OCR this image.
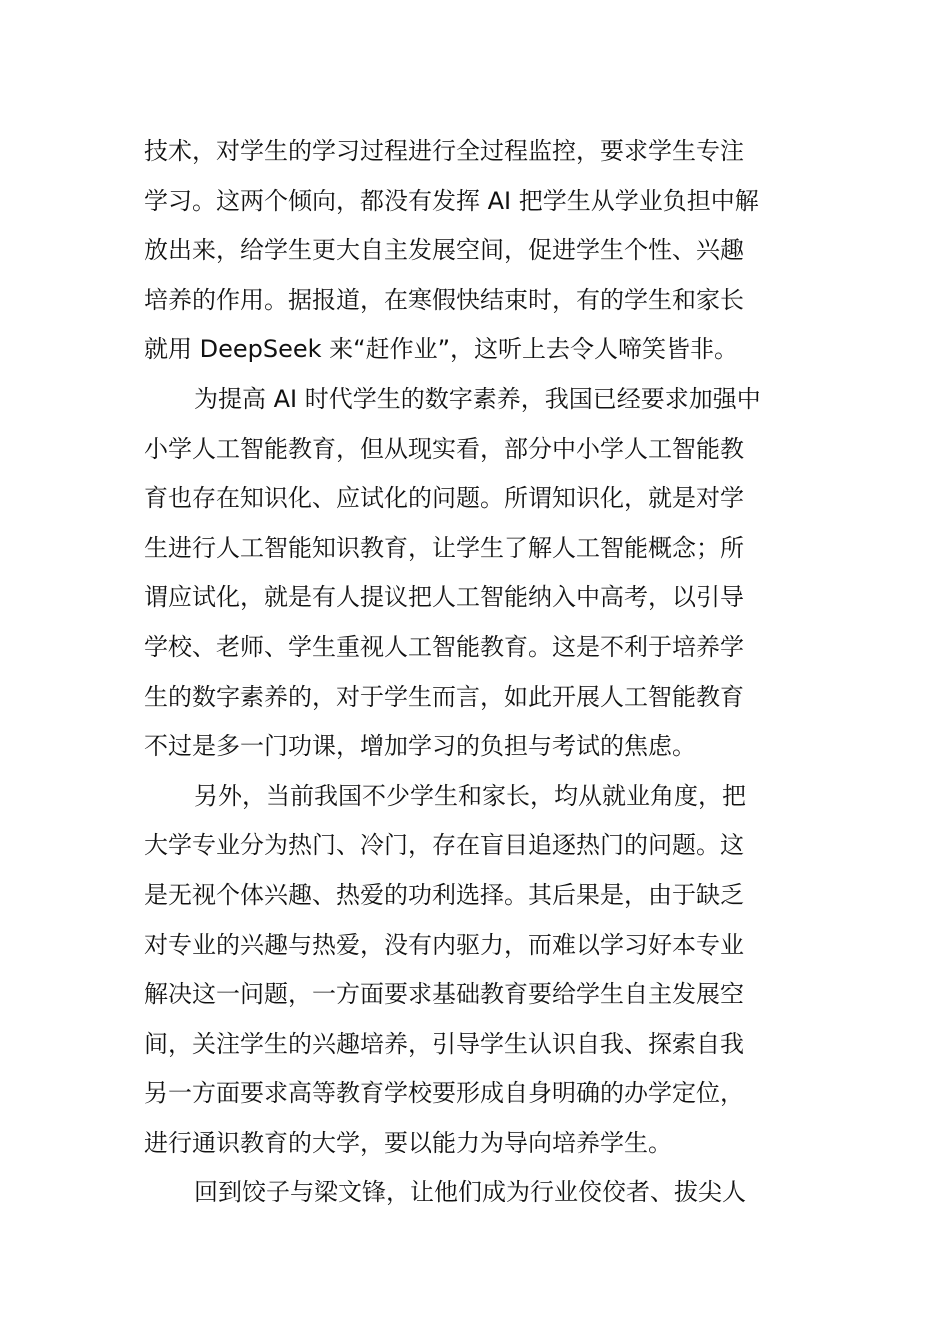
技术，对学生的学习过程进行全过程监控，要求学生专注
学习。这两个倾向，都没有发挥 AI 把学生从学业负担中解
放出来，给学生更大自主发展空间，促进学生个性、兴趣
培养的作用。据报道，在寒假快结束时，有的学生和家长
就用 DeepSeek 来“赶作业”，这听上去令人啼笑皆非。
为提高 AI 时代学生的数字素养，我国已经要求加强中
小学人工智能教育，但从现实看，部分中小学人工智能教
育也存在知识化、应试化的问题。所谓知识化，就是对学
生进行人工智能知识教育，让学生了解人工智能概念；所
谓应试化，就是有人提议把人工智能纳入中高考，以引导
学校、老师、学生重视人工智能教育。这是不利于培养学
生的数字素养的，对于学生而言，如此开展人工智能教育
不过是多一门功课，增加学习的负担与考试的焦虑。
另外，当前我国不少学生和家长，均从就业角度，把
大学专业分为热门、冷门，存在盲目追逐热门的问题。这
是无视个体兴趣、热爱的功利选择。其后果是，由于缺乏
对专业的兴趣与热爱，没有内驱力，而难以学习好本专业
解决这一问题，一方面要求基础教育要给学生自主发展空
间，关注学生的兴趣培养，引导学生认识自我、探索自我
另一方面要求高等教育学校要形成自身明确的办学定位，
进行通识教育的大学，要以能力为导向培养学生。
回到饺子与梁文锋，让他们成为行业佼佼者、拔尖人
